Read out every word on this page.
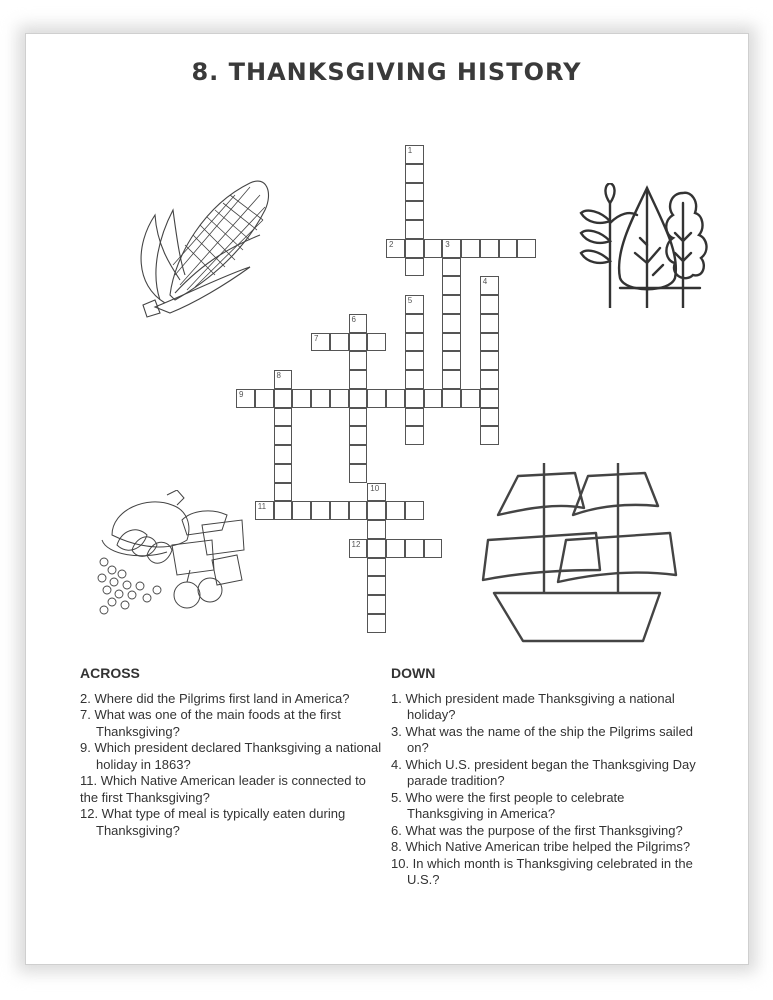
8. THANKSGIVING HISTORY
1
2	3
4
5
6
7
8
9
10
11
12
ACROSS

2. Where did the Pilgrims first land in America?

7. What was one of the main foods at the first Thanksgiving?

9. Which president declared Thanksgiving a national holiday in 1863?

11. Which Native American leader is connected to the first Thanksgiving?

12. What type of meal is typically eaten during Thanksgiving?

DOWN

1. Which president made Thanksgiving a national holiday?

3. What was the name of the ship the Pilgrims sailed on?

4. Which U.S. president began the Thanksgiving Day parade tradition?

5. Who were the first people to celebrate Thanksgiving in America?

6. What was the purpose of the first Thanksgiving?

8. Which Native American tribe helped the Pilgrims?

10. In which month is Thanksgiving celebrated in the U.S.?
